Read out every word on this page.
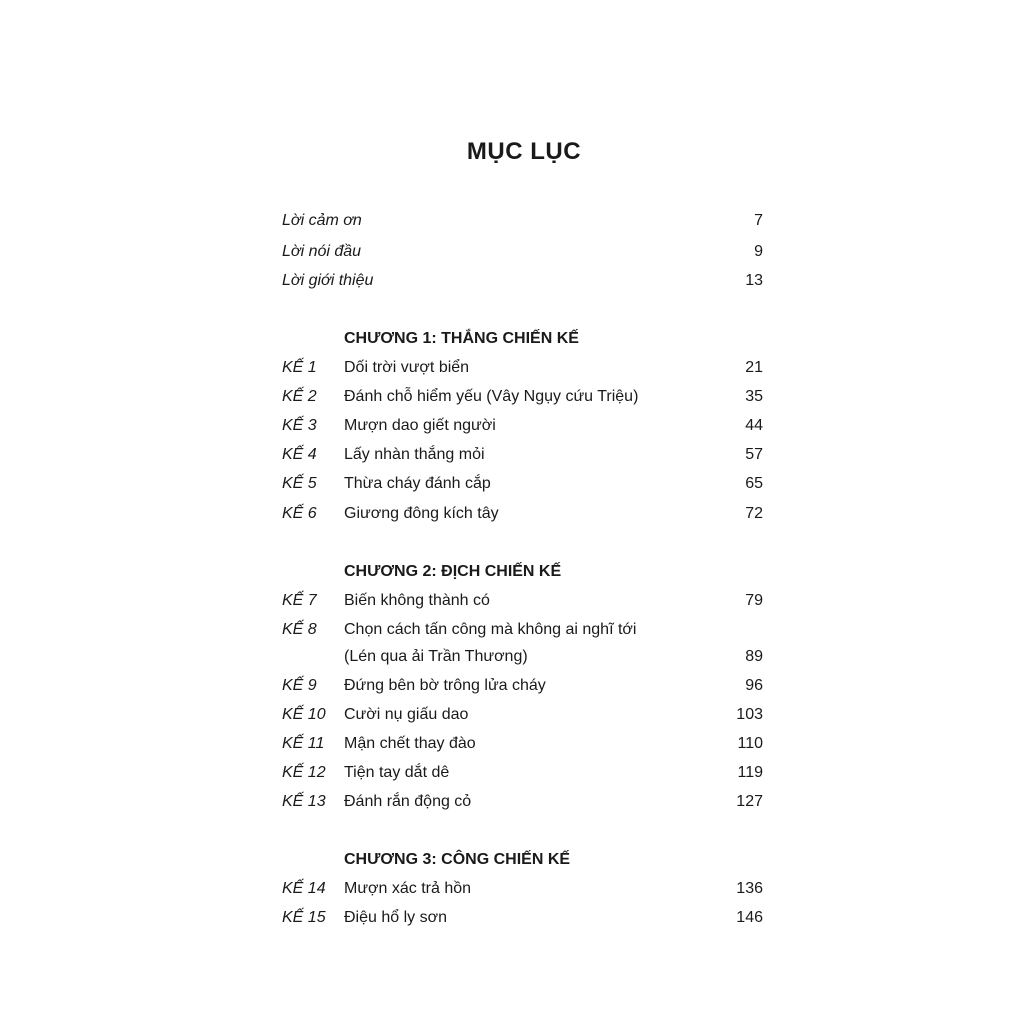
MỤC LỤC
Lời cảm ơn	7
Lời nói đầu	9
Lời giới thiệu	13
CHƯƠNG 1: THẮNG CHIẾN KẾ
KẾ 1 Dối trời vượt biển	21
KẾ 2 Đánh chỗ hiểm yếu (Vây Ngụy cứu Triệu)	35
KẾ 3 Mượn dao giết người	44
KẾ 4 Lấy nhàn thắng mỏi	57
KẾ 5 Thừa cháy đánh cắp	65
KẾ 6 Giương đông kích tây	72
CHƯƠNG 2: ĐỊCH CHIẾN KẾ
KẾ 7 Biến không thành có	79
KẾ 8 Chọn cách tấn công mà không ai nghĩ tới
(Lén qua ải Trần Thương)	89
KẾ 9 Đứng bên bờ trông lửa cháy	96
KẾ 10 Cười nụ giấu dao	103
KẾ 11 Mận chết thay đào	110
KẾ 12 Tiện tay dắt dê	119
KẾ 13 Đánh rắn động cỏ	127
CHƯƠNG 3: CÔNG CHIẾN KẾ
KẾ 14 Mượn xác trả hồn	136
KẾ 15 Điệu hổ ly sơn	146
